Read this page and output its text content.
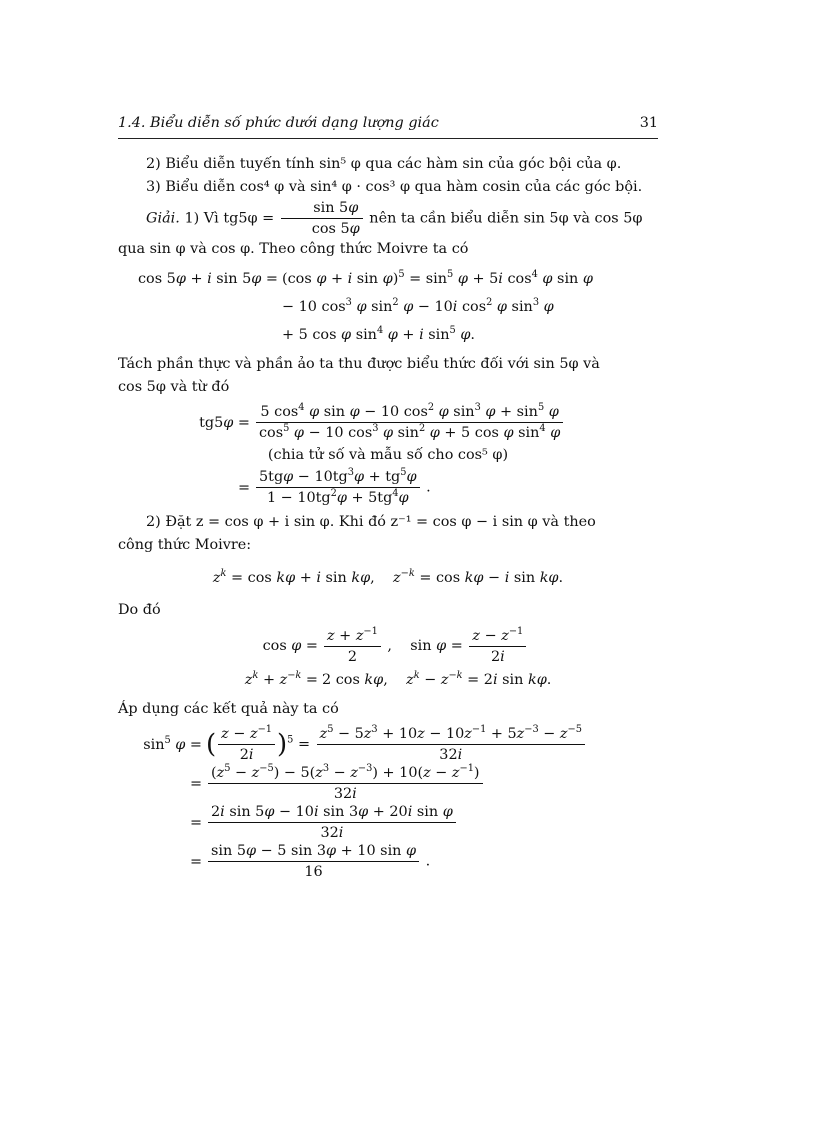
1.4. Biểu diễn số phức dưới dạng lượng giác	31

2) Biểu diễn tuyến tính sin⁵ φ qua các hàm sin của góc bội của φ.

3) Biểu diễn cos⁴ φ và sin⁴ φ · cos³ φ qua hàm cosin của các góc bội.

Giải. 1) Vì $tg5\varphi = \frac{\sin 5\varphi}{\cos 5\varphi}$ nên ta cần biểu diễn sin 5φ và cos 5φ

qua sin φ và cos φ. Theo công thức Moivre ta có

cos 5φ + i sin 5φ = (cos φ + i $\sin \varphi)^5 = \sin^5 \varphi + 5i$ $\cos^4 \varphi$ sin φ
− 10 $\cos^3 \varphi$ $\sin^2 \varphi - 10i$ $\cos^2 \varphi$ $\sin^3 \varphi$
+ 5 cos φ $\sin^4 \varphi + i$ $\sin^5 \varphi$.

Tách phần thực và phần ảo ta thu được biểu thức đối với sin 5φ và

cos 5φ và từ đó

$tg5\varphi = \frac{5 \cos^4 \varphi \sin \varphi - 10 \cos^2 \varphi \sin^3 \varphi + \sin^5 \varphi}{\cos^5 \varphi - 10 \cos^3 \varphi \sin^2 \varphi + 5 \cos \varphi \sin^4 \varphi}$
(chia tử số và mẫu số cho cos⁵ φ)
= $\frac{5tg\varphi - 10tg^3\varphi + tg^5\varphi}{1 - 10tg^2\varphi + 5tg^4\varphi}$ .

2) Đặt z = cos φ + i sin φ. Khi đó z⁻¹ = cos φ − i sin φ và theo

công thức Moivre:

$z^k = \cos k\varphi + i$ sin kφ,    $z^{-k} = \cos k\varphi - i$ sin kφ.

Do đó

$\cos \varphi = \frac{z + z^{-1}}{2}$ ,    $\sin \varphi = \frac{z - z^{-1}}{2i}$
$z^k + z^{-k} = 2$ cos kφ,    $z^k - z^{-k} = 2i$ sin kφ.

Áp dụng các kết quả này ta có

$\sin^5 \varphi$ = ( $\frac{z - z^{-1}}{2i} )^5 = \frac{z^5 - 5z^3 + 10z - 10z^{-1} + 5z^{-3} - z^{-5}}{32i}$
= $\frac{(z^5 - z^{-5}) - 5(z^3 - z^{-3}) + 10(z - z^{-1})}{32i}$
= $\frac{\text{2i sin 5φ − 10i sin 3φ + 20i sin φ}}{32i}$
= $\frac{\text{sin 5φ − 5 sin 3φ + 10 sin φ}}{16}$ .
